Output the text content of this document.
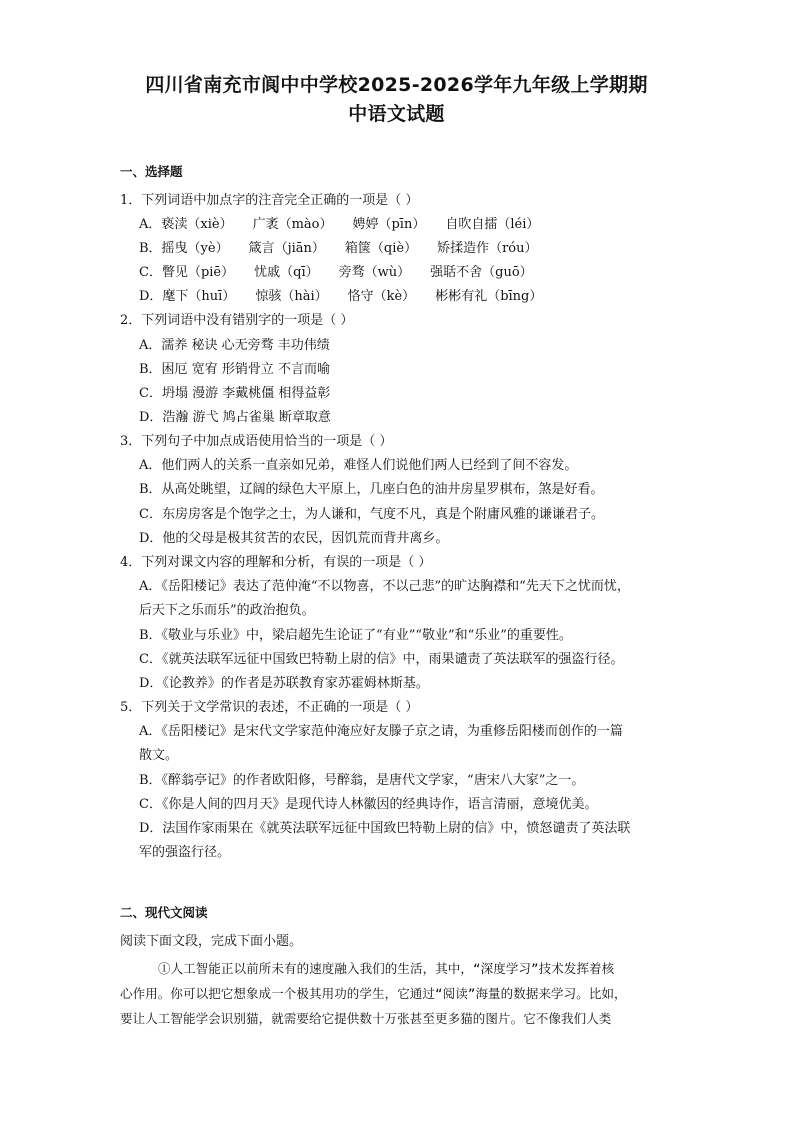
四川省南充市阆中中学校2025-2026学年九年级上学期期
中语文试题
一、选择题
1．下列词语中加点字的注音完全正确的一项是（ ）
A．亵渎（xiè） 广袤（mào） 娉婷（pīn） 自吹自擂（léi）
B．摇曳（yè） 箴言（jiān） 箱箧（qiè） 矫揉造作（róu）
C．瞥见（piē） 忧戚（qī） 旁骛（wù） 强聒不舍（guō）
D．麾下（huī） 惊骇（hài） 恪守（kè） 彬彬有礼（bīng）
2．下列词语中没有错别字的一项是（ ）
A．濡养 秘诀 心无旁骛 丰功伟绩
B．困厄 宽宥 形销骨立 不言而喻
C．坍塌 漫游 李戴桃僵 相得益彰
D．浩瀚 游弋 鸠占雀巢 断章取意
3．下列句子中加点成语使用恰当的一项是（ ）
A．他们两人的关系一直亲如兄弟，难怪人们说他们两人已经到了间不容发。
B．从高处眺望，辽阔的绿色大平原上，几座白色的油井房星罗棋布，煞是好看。
C．东房房客是个饱学之士，为人谦和，气度不凡，真是个附庸风雅的谦谦君子。
D．他的父母是极其贫苦的农民，因饥荒而背井离乡。
4．下列对课文内容的理解和分析，有误的一项是（ ）
A．《岳阳楼记》表达了范仲淹“不以物喜，不以己悲”的旷达胸襟和“先天下之忧而忧，
后天下之乐而乐”的政治抱负。
B．《敬业与乐业》中，梁启超先生论证了“有业”“敬业”和“乐业”的重要性。
C．《就英法联军远征中国致巴特勒上尉的信》中，雨果谴责了英法联军的强盗行径。
D．《论教养》的作者是苏联教育家苏霍姆林斯基。
5．下列关于文学常识的表述，不正确的一项是（ ）
A．《岳阳楼记》是宋代文学家范仲淹应好友滕子京之请，为重修岳阳楼而创作的一篇
散文。
B．《醉翁亭记》的作者欧阳修，号醉翁，是唐代文学家，“唐宋八大家”之一。
C．《你是人间的四月天》是现代诗人林徽因的经典诗作，语言清丽，意境优美。
D．法国作家雨果在《就英法联军远征中国致巴特勒上尉的信》中，愤怒谴责了英法联
军的强盗行径。
二、现代文阅读
阅读下面文段，完成下面小题。
①人工智能正以前所未有的速度融入我们的生活，其中，“深度学习”技术发挥着核
心作用。你可以把它想象成一个极其用功的学生，它通过“阅读”海量的数据来学习。比如，
要让人工智能学会识别猫，就需要给它提供数十万张甚至更多猫的图片。它不像我们人类
